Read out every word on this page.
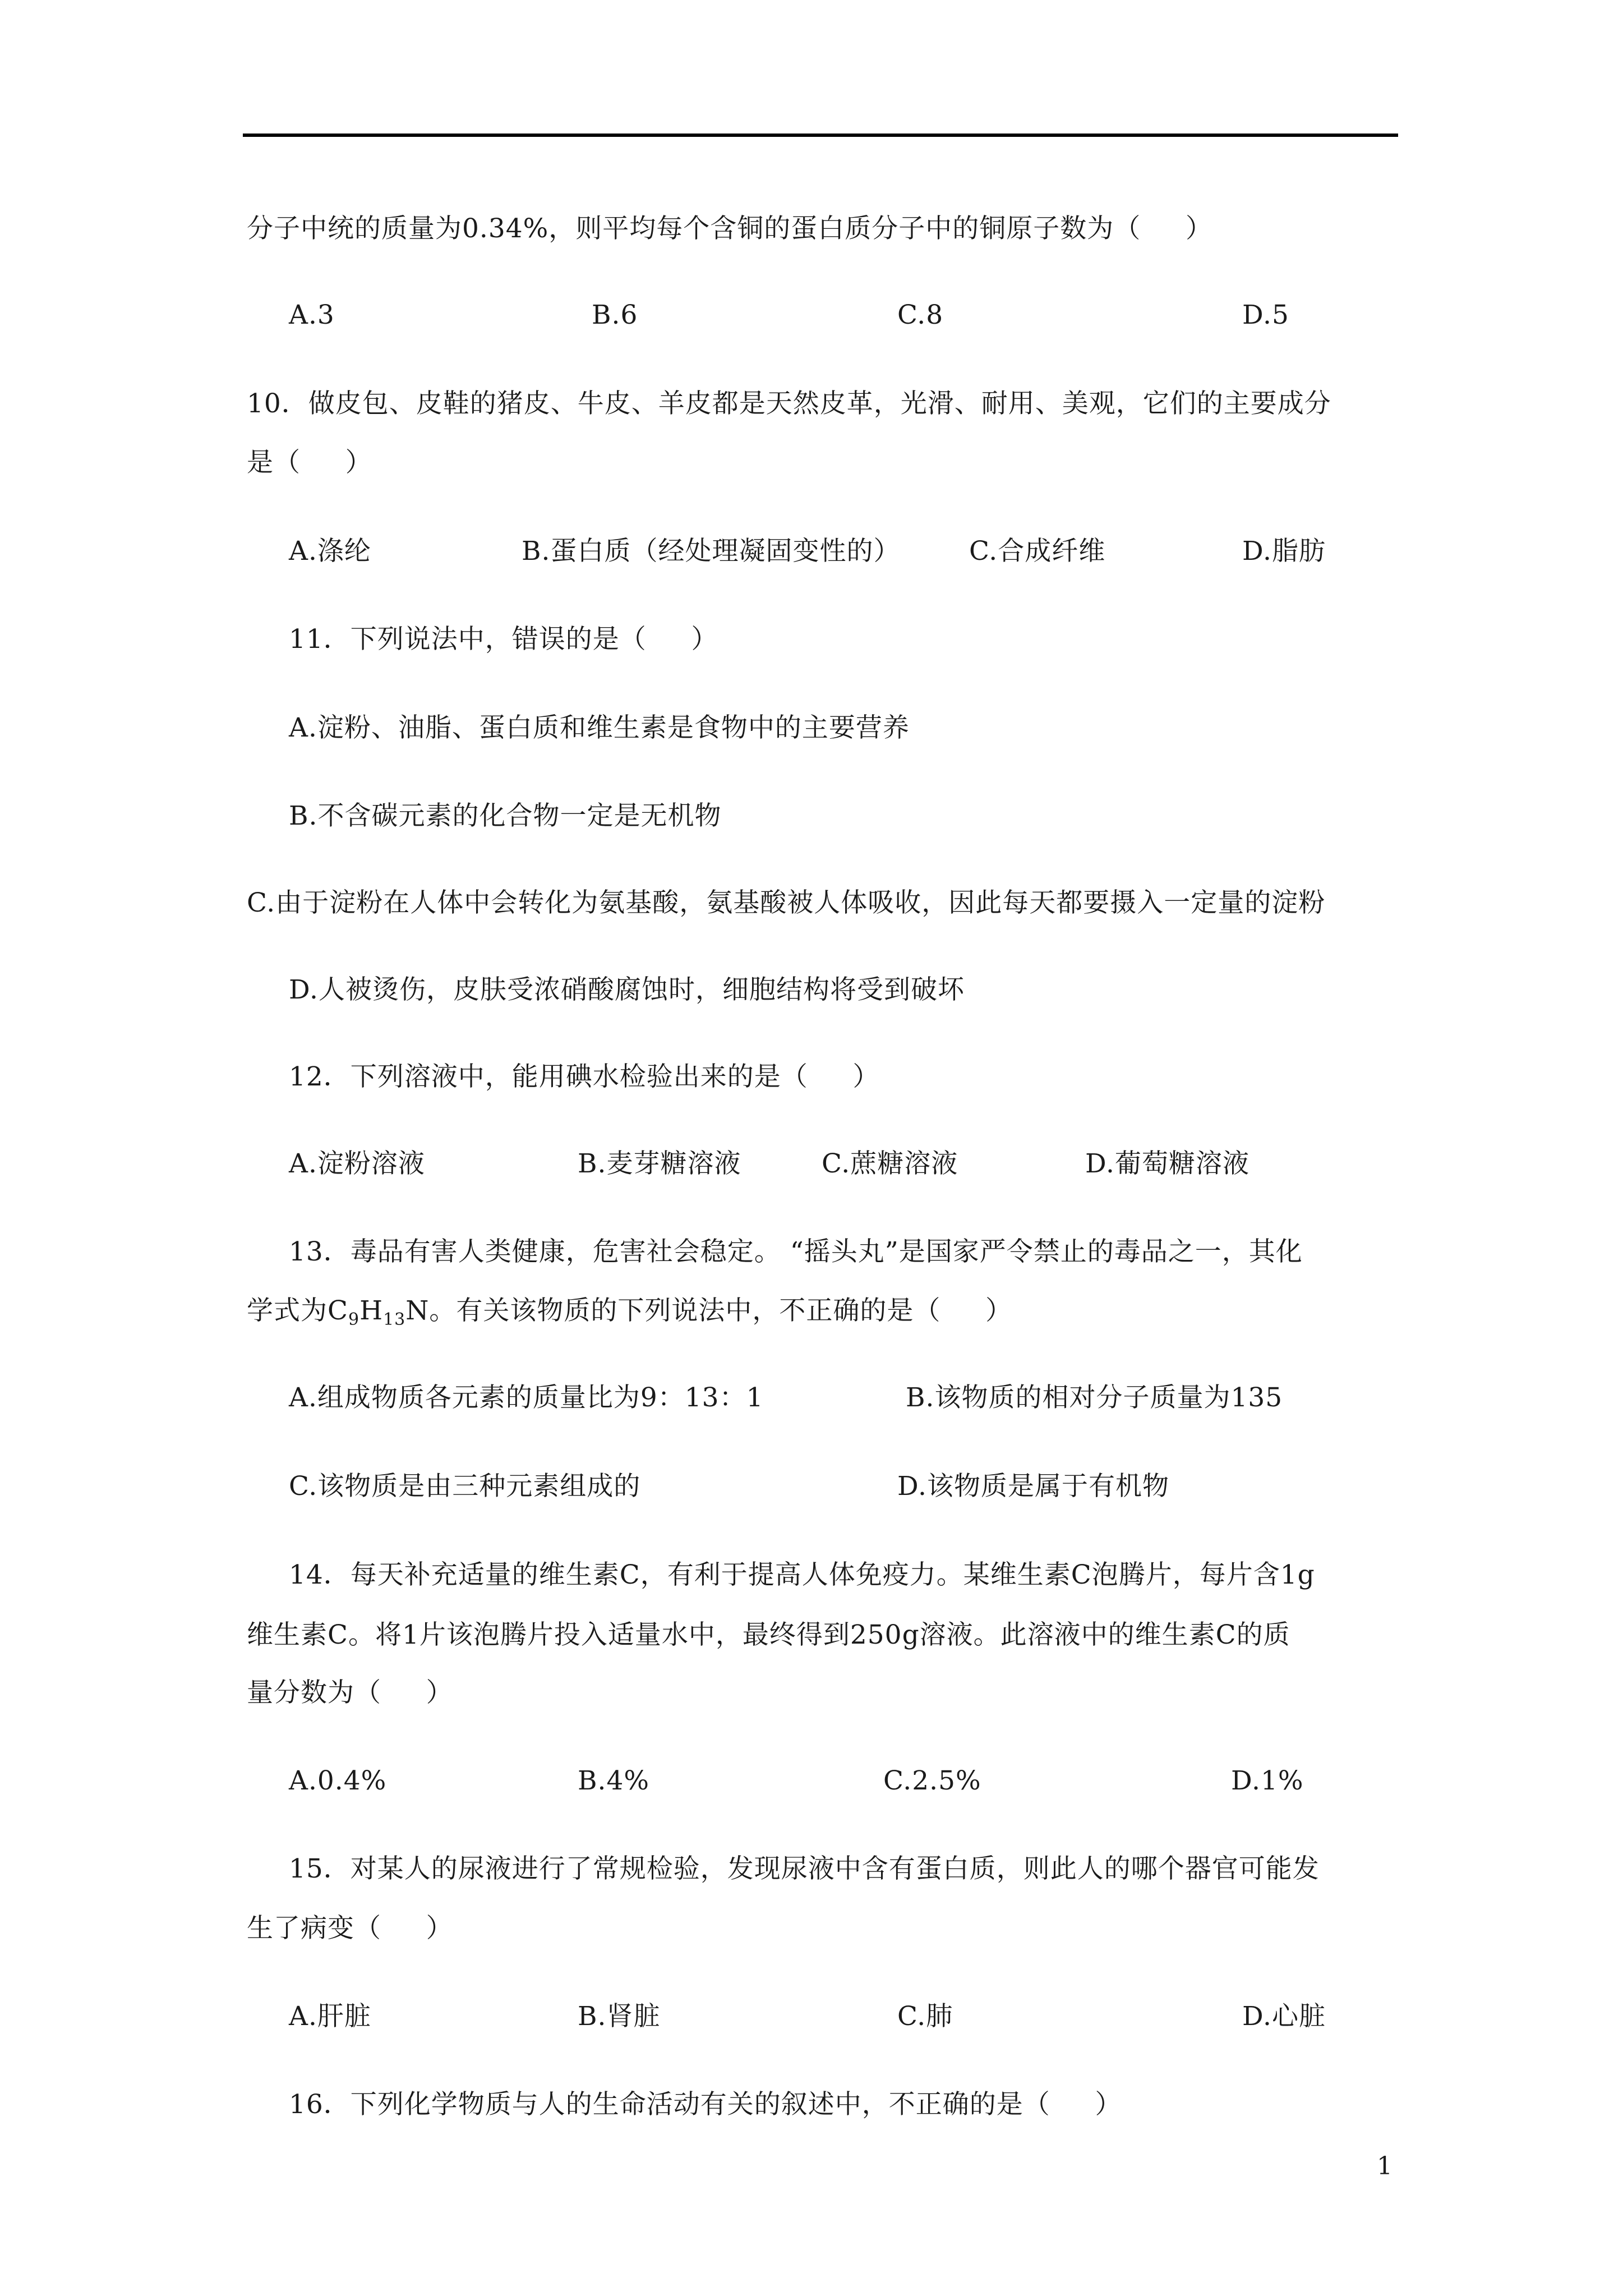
分子中统的质量为0.34%，则平均每个含铜的蛋白质分子中的铜原子数为（     ）
A.3	B.6	C.8	D.5
10．做皮包、皮鞋的猪皮、牛皮、羊皮都是天然皮革，光滑、耐用、美观，它们的主要成分
是（     ）
A.涤纶	B.蛋白质（经处理凝固变性的）	C.合成纤维	D.脂肪
11．下列说法中，错误的是（     ）
A.淀粉、油脂、蛋白质和维生素是食物中的主要营养
B.不含碳元素的化合物一定是无机物
C.由于淀粉在人体中会转化为氨基酸，氨基酸被人体吸收，因此每天都要摄入一定量的淀粉
D.人被烫伤，皮肤受浓硝酸腐蚀时，细胞结构将受到破坏
12．下列溶液中，能用碘水检验出来的是（     ）
A.淀粉溶液	B.麦芽糖溶液	C.蔗糖溶液	D.葡萄糖溶液
13．毒品有害人类健康，危害社会稳定。 “摇头丸”是国家严令禁止的毒品之一，其化
学式为$C_9H_{13}N$。有关该物质的下列说法中，不正确的是（     ）
A.组成物质各元素的质量比为9：13：1	B.该物质的相对分子质量为135
C.该物质是由三种元素组成的	D.该物质是属于有机物
14．每天补充适量的维生素C，有利于提高人体免疫力。某维生素C泡腾片，每片含1g
维生素C。将1片该泡腾片投入适量水中，最终得到250g溶液。此溶液中的维生素C的质
量分数为（     ）
A.0.4%	B.4%	C.2.5%	D.1%
15．对某人的尿液进行了常规检验，发现尿液中含有蛋白质，则此人的哪个器官可能发
生了病变（     ）
A.肝脏	B.肾脏	C.肺	D.心脏
16．下列化学物质与人的生命活动有关的叙述中，不正确的是（     ）
1
